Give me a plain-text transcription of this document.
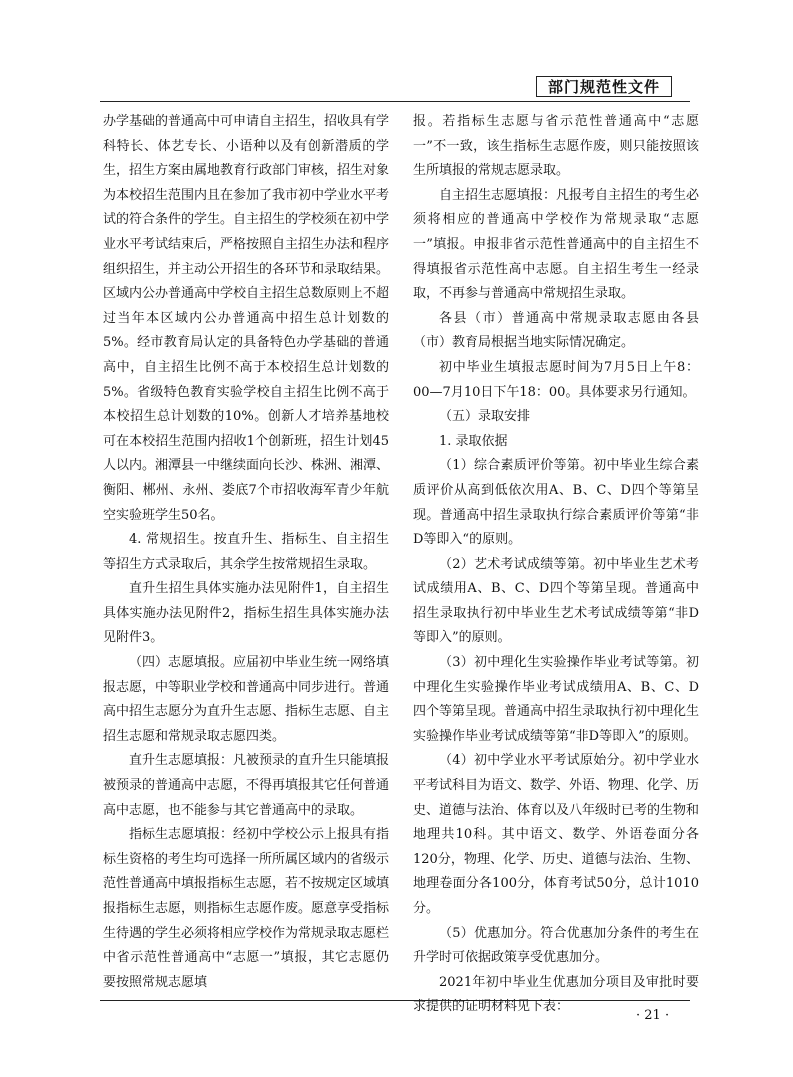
部门规范性文件

办学基础的普通高中可申请自主招生，招收具有学科特长、体艺专长、小语种以及有创新潜质的学生，招生方案由属地教育行政部门审核，招生对象为本校招生范围内且在参加了我市初中学业水平考试的符合条件的学生。自主招生的学校须在初中学业水平考试结束后，严格按照自主招生办法和程序组织招生，并主动公开招生的各环节和录取结果。区域内公办普通高中学校自主招生总数原则上不超过当年本区域内公办普通高中招生总计划数的5%。经市教育局认定的具备特色办学基础的普通高中，自主招生比例不高于本校招生总计划数的5%。省级特色教育实验学校自主招生比例不高于本校招生总计划数的10%。创新人才培养基地校可在本校招生范围内招收1个创新班，招生计划45人以内。湘潭县一中继续面向长沙、株洲、湘潭、衡阳、郴州、永州、娄底7个市招收海军青少年航空实验班学生50名。

4. 常规招生。按直升生、指标生、自主招生等招生方式录取后，其余学生按常规招生录取。

直升生招生具体实施办法见附件1，自主招生具体实施办法见附件2，指标生招生具体实施办法见附件3。

（四）志愿填报。应届初中毕业生统一网络填报志愿，中等职业学校和普通高中同步进行。普通高中招生志愿分为直升生志愿、指标生志愿、自主招生志愿和常规录取志愿四类。

直升生志愿填报：凡被预录的直升生只能填报被预录的普通高中志愿，不得再填报其它任何普通高中志愿，也不能参与其它普通高中的录取。

指标生志愿填报：经初中学校公示上报具有指标生资格的考生均可选择一所所属区域内的省级示范性普通高中填报指标生志愿，若不按规定区域填报指标生志愿，则指标生志愿作废。愿意享受指标生待遇的学生必须将相应学校作为常规录取志愿栏中省示范性普通高中“志愿一”填报，其它志愿仍要按照常规志愿填

报。若指标生志愿与省示范性普通高中“志愿一”不一致，该生指标生志愿作废，则只能按照该生所填报的常规志愿录取。

自主招生志愿填报：凡报考自主招生的考生必须将相应的普通高中学校作为常规录取“志愿一”填报。申报非省示范性普通高中的自主招生不得填报省示范性高中志愿。自主招生考生一经录取，不再参与普通高中常规招生录取。

各县（市）普通高中常规录取志愿由各县（市）教育局根据当地实际情况确定。

初中毕业生填报志愿时间为7月5日上午8：00—7月10日下午18：00。具体要求另行通知。

（五）录取安排

1. 录取依据

（1）综合素质评价等第。初中毕业生综合素质评价从高到低依次用A、B、C、D四个等第呈现。普通高中招生录取执行综合素质评价等第“非D等即入“的原则。

（2）艺术考试成绩等第。初中毕业生艺术考试成绩用A、B、C、D四个等第呈现。普通高中招生录取执行初中毕业生艺术考试成绩等第“非D等即入”的原则。

（3）初中理化生实验操作毕业考试等第。初中理化生实验操作毕业考试成绩用A、B、C、D四个等第呈现。普通高中招生录取执行初中理化生实验操作毕业考试成绩等第“非D等即入”的原则。

（4）初中学业水平考试原始分。初中学业水平考试科目为语文、数学、外语、物理、化学、历史、道德与法治、体育以及八年级时已考的生物和地理共10科。其中语文、数学、外语卷面分各120分，物理、化学、历史、道德与法治、生物、地理卷面分各100分，体育考试50分，总计1010分。

（5）优惠加分。符合优惠加分条件的考生在升学时可依据政策享受优惠加分。

2021年初中毕业生优惠加分项目及审批时要求提供的证明材料见下表：

· 21 ·
